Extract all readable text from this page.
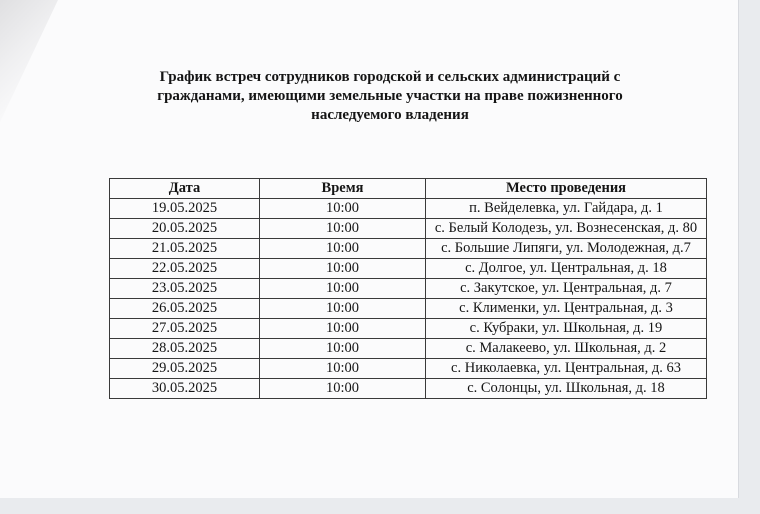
График встреч сотрудников городской и сельских администраций с гражданами, имеющими земельные участки на праве пожизненного наследуемого владения
Дата	Время	Место проведения
19.05.2025	10:00	п. Вейделевка, ул. Гайдара, д. 1
20.05.2025	10:00	с. Белый Колодезь, ул. Вознесенская, д. 80
21.05.2025	10:00	с. Большие Липяги, ул. Молодежная, д.7
22.05.2025	10:00	с. Долгое, ул. Центральная, д. 18
23.05.2025	10:00	с. Закутское, ул. Центральная, д. 7
26.05.2025	10:00	с. Клименки, ул. Центральная, д. 3
27.05.2025	10:00	с. Кубраки, ул. Школьная, д. 19
28.05.2025	10:00	с. Малакеево, ул. Школьная, д. 2
29.05.2025	10:00	с. Николаевка, ул. Центральная, д. 63
30.05.2025	10:00	с. Солонцы, ул. Школьная, д. 18
